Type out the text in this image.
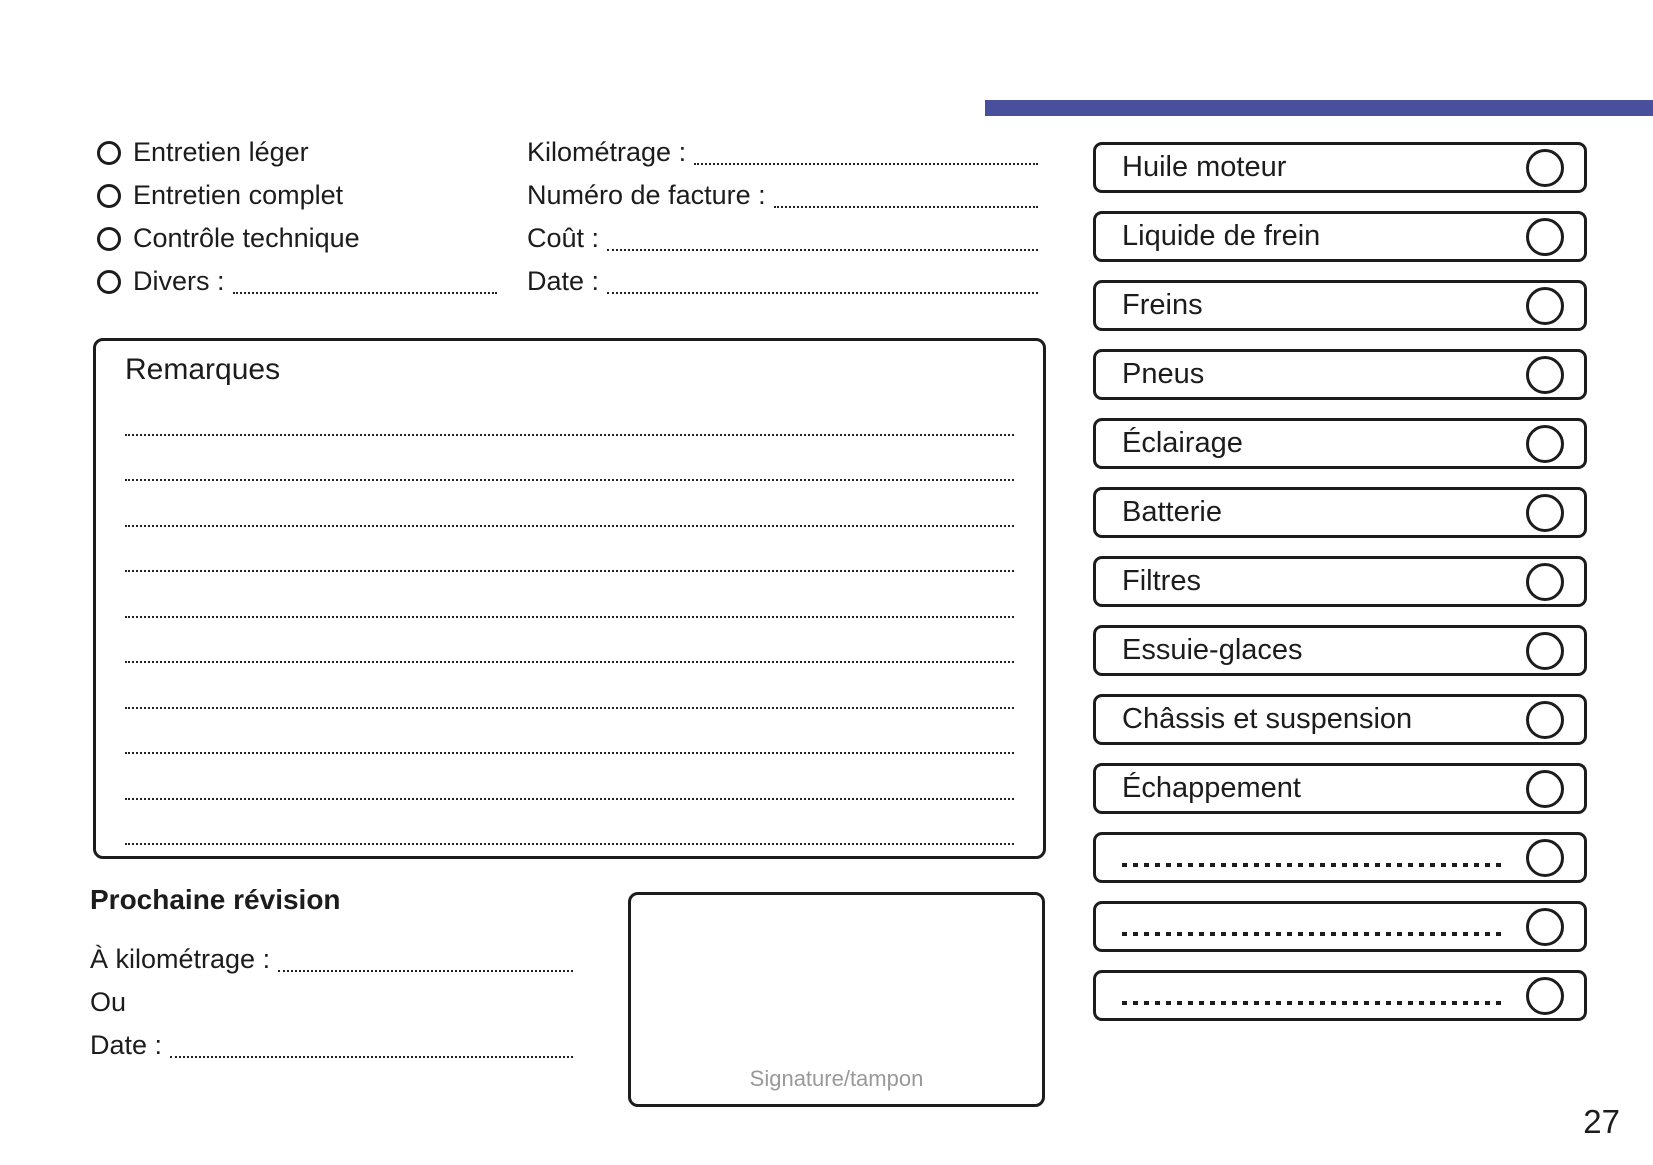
Entretien léger
Entretien complet
Contrôle technique
Divers :
Kilométrage :
Numéro de facture :
Coût :
Date :
Remarques
Prochaine révision
À kilométrage :
Ou
Date :
Signature/tampon
Huile moteur
Liquide de frein
Freins
Pneus
Éclairage
Batterie
Filtres
Essuie-glaces
Châssis et suspension
Échappement
27
